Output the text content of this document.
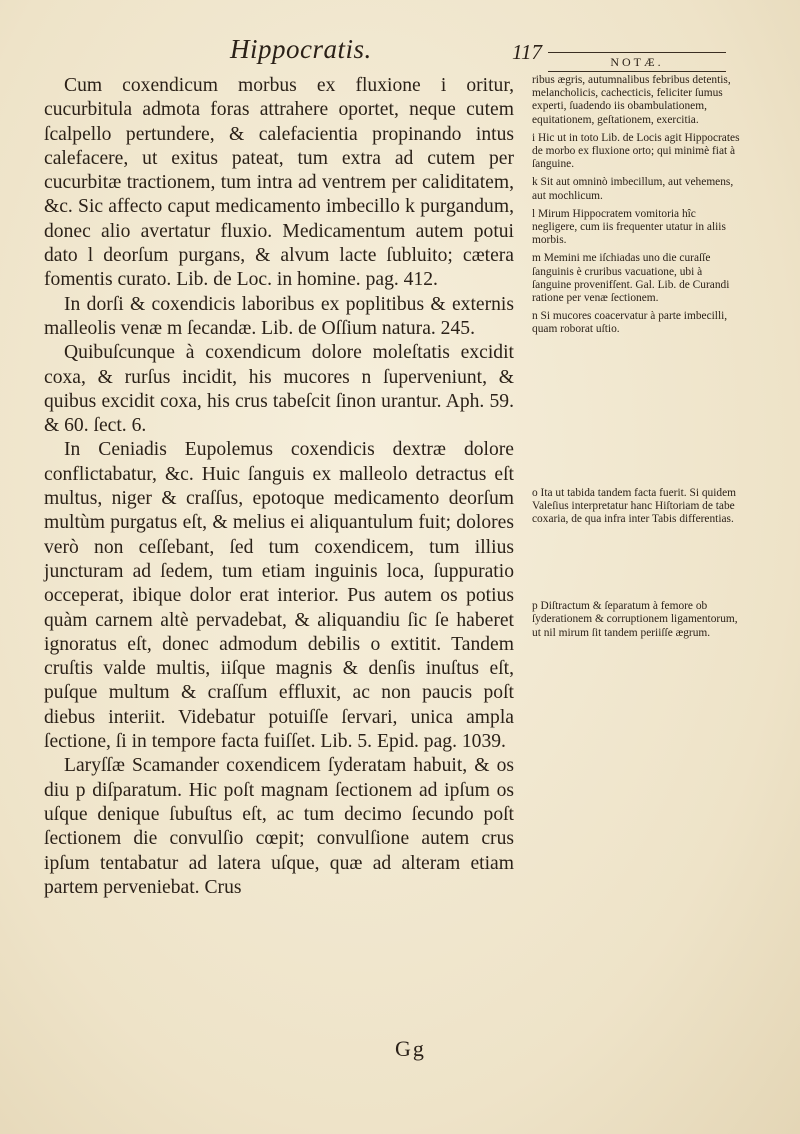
Hippocratis.	117	NOTÆ.

Cum coxendicum morbus ex fluxione i oritur, cucurbitula admota foras attrahere oportet, neque cutem ſcalpello pertundere, & calefacientia propinando intus calefacere, ut exitus pateat, tum extra ad cutem per cucurbitæ tractionem, tum intra ad ventrem per caliditatem, &c. Sic affecto caput medicamento imbecillo k purgandum, donec alio avertatur fluxio. Medicamentum autem potui dato l deorſum purgans, & alvum lacte ſubluito; cætera fomentis curato. Lib. de Loc. in homine. pag. 412.

In dorſi & coxendicis laboribus ex poplitibus & externis malleolis venæ m ſecandæ. Lib. de Oſſium natura. 245.

Quibuſcunque à coxendicum dolore moleſtatis excidit coxa, & rurſus incidit, his mucores n ſuperveniunt, & quibus excidit coxa, his crus tabeſcit ſinon urantur. Aph. 59. & 60. ſect. 6.

In Ceniadis Eupolemus coxendicis dextræ dolore conflictabatur, &c. Huic ſanguis ex malleolo detractus eſt multus, niger & craſſus, epotoque medicamento deorſum multùm purgatus eſt, & melius ei aliquantulum fuit; dolores verò non ceſſebant, ſed tum coxendicem, tum illius juncturam ad ſedem, tum etiam inguinis loca, ſuppuratio occeperat, ibique dolor erat interior. Pus autem os potius quàm carnem altè pervadebat, & aliquandiu ſic ſe haberet ignoratus eſt, donec admodum debilis o extitit. Tandem cruſtis valde multis, iiſque magnis & denſis inuſtus eſt, puſque multum & craſſum effluxit, ac non paucis poſt diebus interiit. Videbatur potuiſſe ſervari, unica ampla ſectione, ſi in tempore facta fuiſſet. Lib. 5. Epid. pag. 1039.

Laryſſæ Scamander coxendicem ſyderatam habuit, & os diu p diſparatum. Hic poſt magnam ſectionem ad ipſum os uſque denique ſubuſtus eſt, ac tum decimo ſecundo poſt ſectionem die convulſio cœpit; convulſione autem crus ipſum tentabatur ad latera uſque, quæ ad alteram etiam partem perveniebat. Crus

ribus ægris, autumnalibus febribus detentis, melancholicis, cachecticis, feliciter ſumus experti, ſuadendo iis obambulationem, equitationem, geſtationem, exercitia.

i Hic ut in toto Lib. de Locis agit Hippocrates de morbo ex fluxione orto; qui minimè fiat à ſanguine.

k Sit aut omninò imbecillum, aut vehemens, aut mochlicum.

l Mirum Hippocratem vomitoria hîc negligere, cum iis frequenter utatur in aliis morbis.

m Memini me iſchiadas uno die curaſſe ſanguinis è cruribus vacuatione, ubi à ſanguine provenifſent. Gal. Lib. de Curandi ratione per venæ ſectionem.

n Si mucores coacervatur à parte imbecilli, quam roborat uſtio.

o Ita ut tabida tandem facta fuerit. Si quidem Valeſius interpretatur hanc Hiſtoriam de tabe coxaria, de qua infra inter Tabis differentias.

p Diſtractum & ſeparatum à femore ob ſyderationem & corruptionem ligamentorum, ut nil mirum ſit tandem periiſſe ægrum.

Gg
